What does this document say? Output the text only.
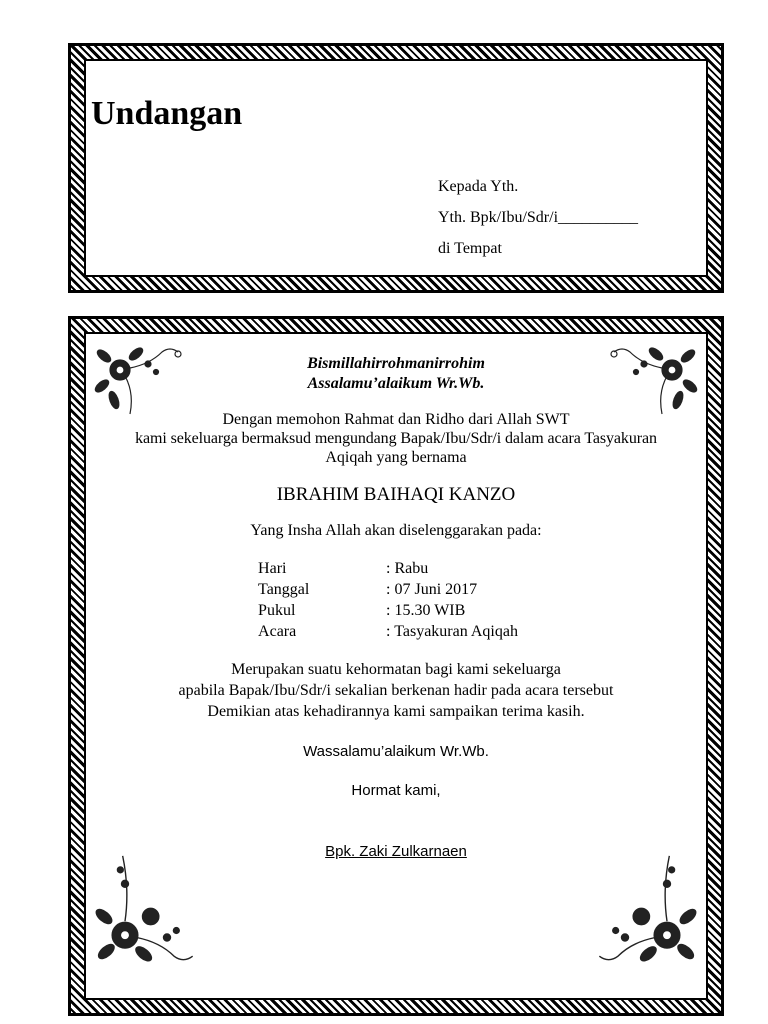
Undangan
Kepada Yth.
Yth. Bpk/Ibu/Sdr/i__________
di Tempat
Bismillahirrohmanirrohim
Assalamu’alaikum Wr.Wb.
Dengan memohon Rahmat dan Ridho dari Allah SWT
kami sekeluarga bermaksud mengundang Bapak/Ibu/Sdr/i dalam acara Tasyakuran
Aqiqah yang bernama
IBRAHIM BAIHAQI KANZO
Yang Insha Allah akan diselenggarakan pada:
Hari	: Rabu
Tanggal	: 07 Juni 2017
Pukul	: 15.30 WIB
Acara	: Tasyakuran Aqiqah
Merupakan suatu kehormatan bagi kami sekeluarga
apabila Bapak/Ibu/Sdr/i sekalian berkenan hadir pada acara tersebut
Demikian atas kehadirannya kami sampaikan terima kasih.
Wassalamu’alaikum Wr.Wb.
Hormat kami,
Bpk. Zaki Zulkarnaen
